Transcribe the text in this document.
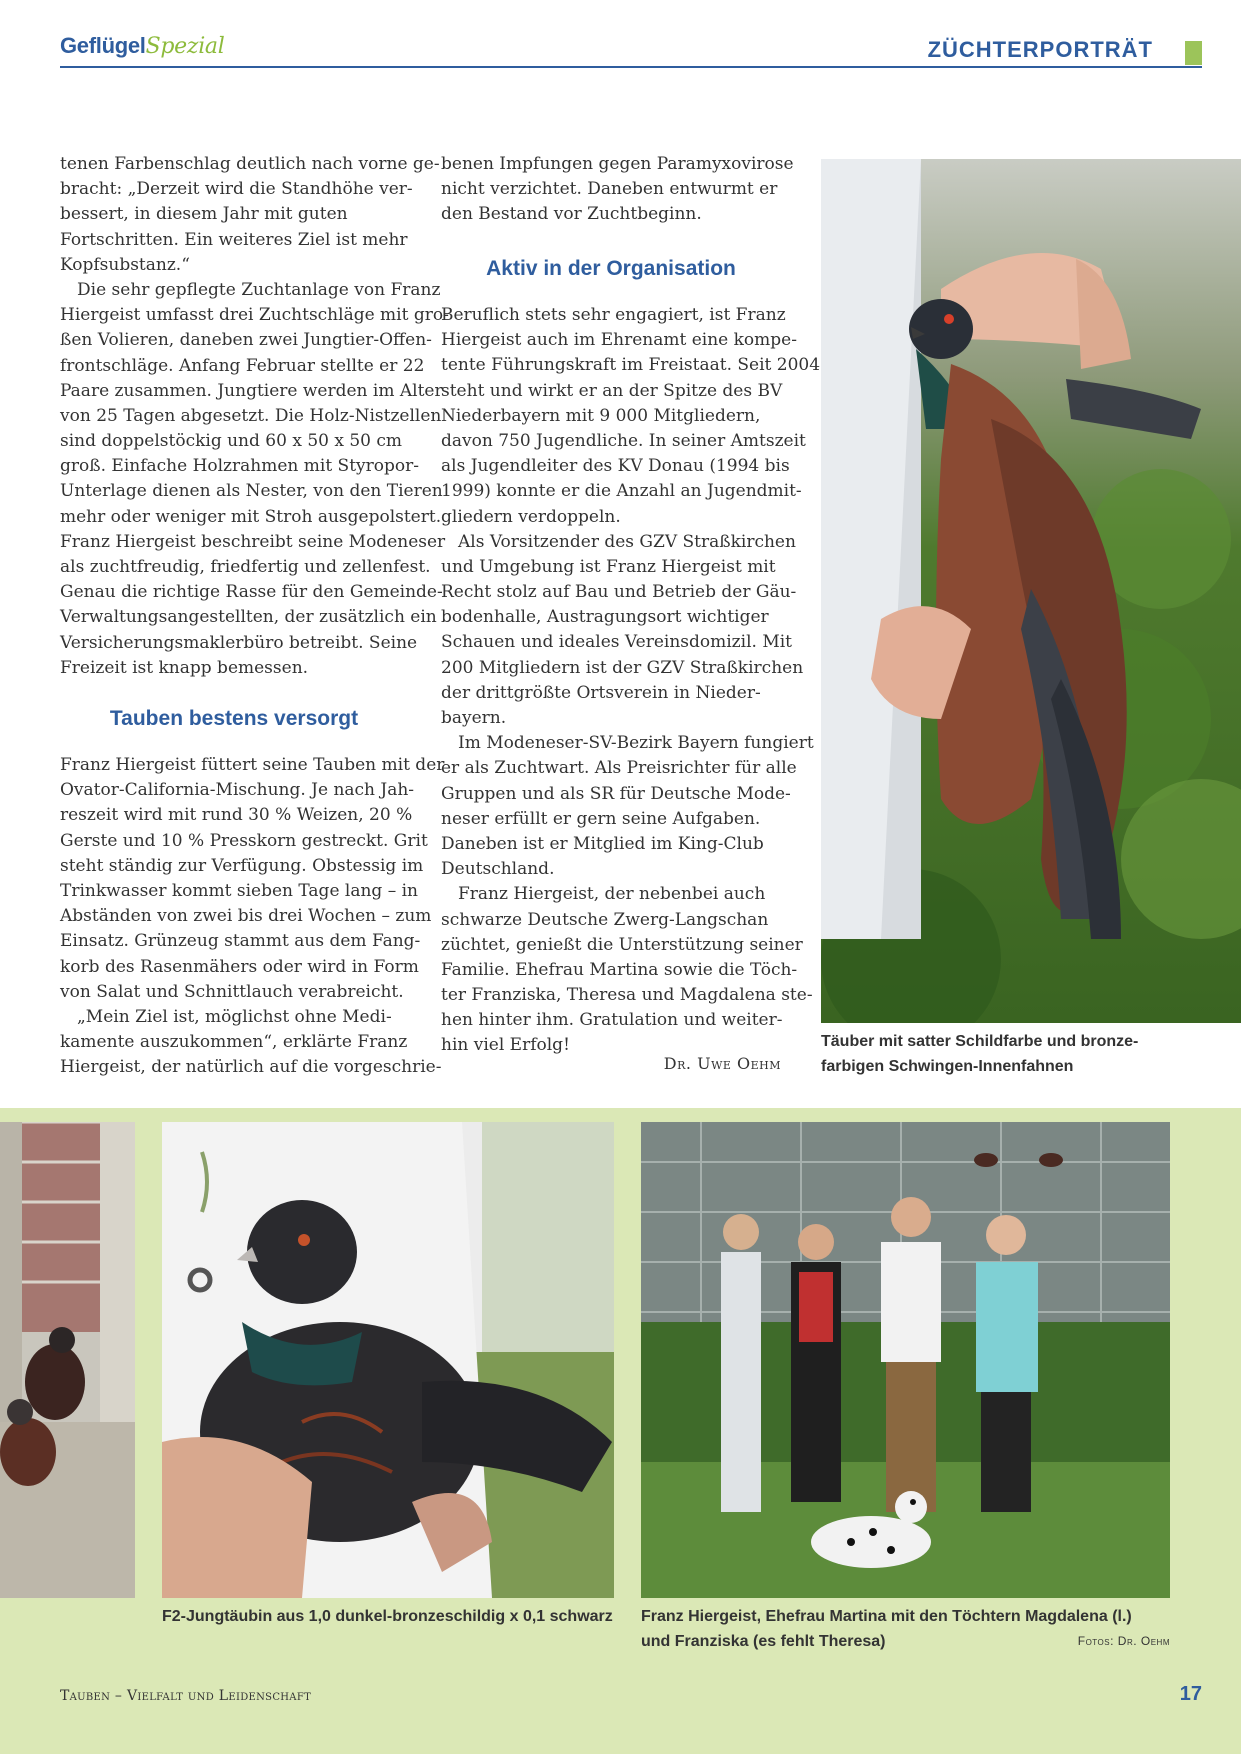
GeflügelSpezial	ZÜCHTERPORTRÄT
tenen Farbenschlag deutlich nach vorne ge-
bracht: „Derzeit wird die Standhöhe ver-
bessert, in diesem Jahr mit guten
Fortschritten. Ein weiteres Ziel ist mehr
Kopfsubstanz.“
Die sehr gepflegte Zuchtanlage von Franz
Hiergeist umfasst drei Zuchtschläge mit gro-
ßen Volieren, daneben zwei Jungtier-Offen-
frontschläge. Anfang Februar stellte er 22
Paare zusammen. Jungtiere werden im Alter
von 25 Tagen abgesetzt. Die Holz-Nistzellen
sind doppelstöckig und 60 x 50 x 50 cm
groß. Einfache Holzrahmen mit Styropor-
Unterlage dienen als Nester, von den Tieren
mehr oder weniger mit Stroh ausgepolstert.
Franz Hiergeist beschreibt seine Modeneser
als zuchtfreudig, friedfertig und zellenfest.
Genau die richtige Rasse für den Gemeinde-
Verwaltungsangestellten, der zusätzlich ein
Versicherungsmaklerbüro betreibt. Seine
Freizeit ist knapp bemessen.
Tauben bestens versorgt
Franz Hiergeist füttert seine Tauben mit der
Ovator-California-Mischung. Je nach Jah-
reszeit wird mit rund 30 % Weizen, 20 %
Gerste und 10 % Presskorn gestreckt. Grit
steht ständig zur Verfügung. Obstessig im
Trinkwasser kommt sieben Tage lang – in
Abständen von zwei bis drei Wochen – zum
Einsatz. Grünzeug stammt aus dem Fang-
korb des Rasenmähers oder wird in Form
von Salat und Schnittlauch verabreicht.
„Mein Ziel ist, möglichst ohne Medi-
kamente auszukommen“, erklärte Franz
Hiergeist, der natürlich auf die vorgeschrie-
benen Impfungen gegen Paramyxovirose
nicht verzichtet. Daneben entwurmt er
den Bestand vor Zuchtbeginn.
Aktiv in der Organisation
Beruflich stets sehr engagiert, ist Franz
Hiergeist auch im Ehrenamt eine kompe-
tente Führungskraft im Freistaat. Seit 2004
steht und wirkt er an der Spitze des BV
Niederbayern mit 9 000 Mitgliedern,
davon 750 Jugendliche. In seiner Amtszeit
als Jugendleiter des KV Donau (1994 bis
1999) konnte er die Anzahl an Jugendmit-
gliedern verdoppeln.
Als Vorsitzender des GZV Straßkirchen
und Umgebung ist Franz Hiergeist mit
Recht stolz auf Bau und Betrieb der Gäu-
bodenhalle, Austragungsort wichtiger
Schauen und ideales Vereinsdomizil. Mit
200 Mitgliedern ist der GZV Straßkirchen
der drittgrößte Ortsverein in Nieder-
bayern.
Im Modeneser-SV-Bezirk Bayern fungiert
er als Zuchtwart. Als Preisrichter für alle
Gruppen und als SR für Deutsche Mode-
neser erfüllt er gern seine Aufgaben.
Daneben ist er Mitglied im King-Club
Deutschland.
Franz Hiergeist, der nebenbei auch
schwarze Deutsche Zwerg-Langschan
züchtet, genießt die Unterstützung seiner
Familie. Ehefrau Martina sowie die Töch-
ter Franziska, Theresa und Magdalena ste-
hen hinter ihm. Gratulation und weiter-
hin viel Erfolg!
Dr. Uwe Oehm
Täuber mit satter Schildfarbe und bronze-
farbigen Schwingen-Innenfahnen
F2-Jungtäubin aus 1,0 dunkel-bronzeschildig x 0,1 schwarz	Franz Hiergeist, Ehefrau Martina mit den Töchtern Magdalena (l.)
und Franziska (es fehlt Theresa)	Fotos: Dr. Oehm
Tauben – Vielfalt und Leidenschaft	17
